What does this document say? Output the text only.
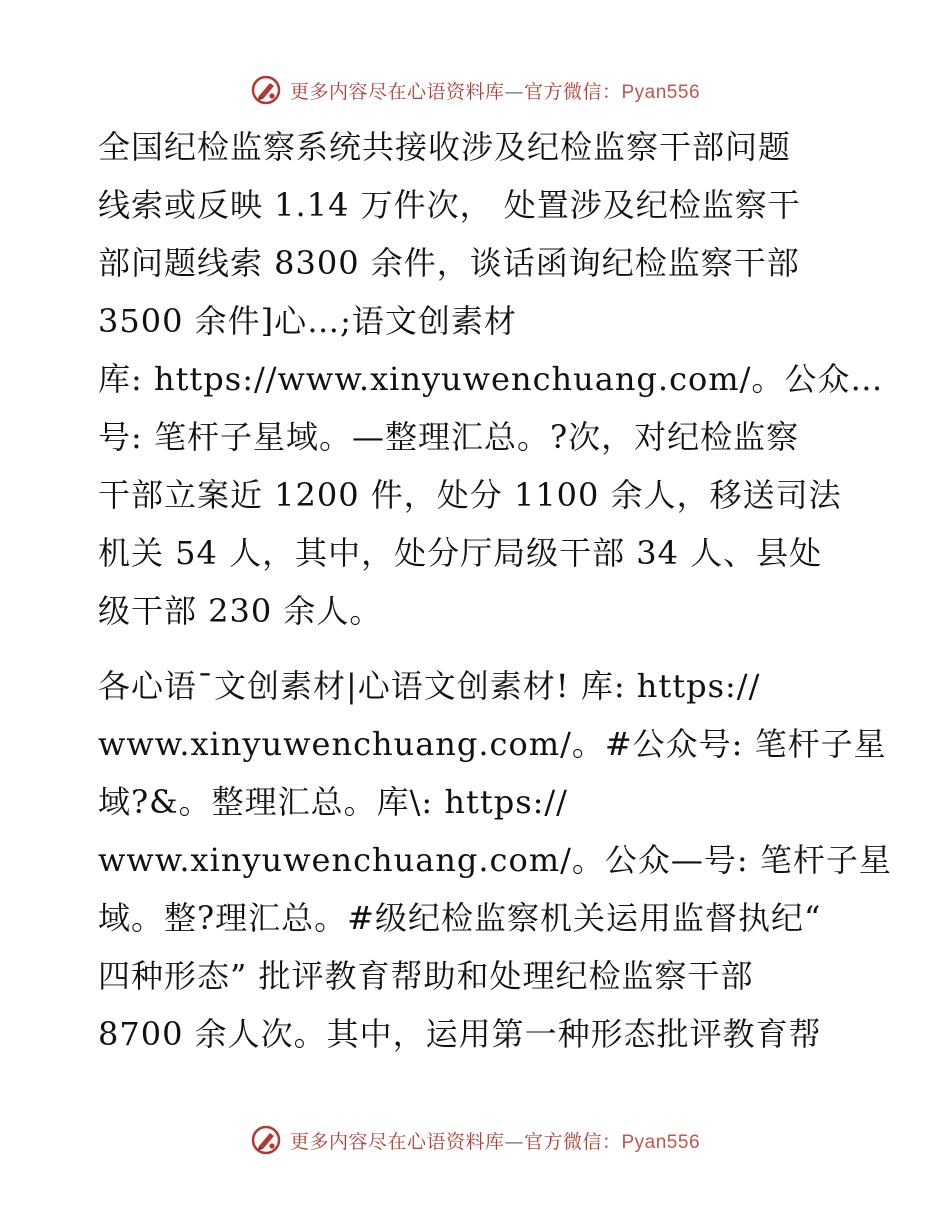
更多内容尽在心语资料库—官方微信：Pyan556

全国纪检监察系统共接收涉及纪检监察干部问题
线索或反映 1.14 万件次， 处置涉及纪检监察干
部问题线索 8300 余件，谈话函询纪检监察干部
3500 余件]心…;语文创素材
库: https://www.xinyuwenchuang.com/。公众…
号: 笔杆子星域。—整理汇总。?次，对纪检监察
干部立案近 1200 件，处分 1100 余人，移送司法
机关 54 人，其中，处分厅局级干部 34 人、县处
级干部 230 余人。

各心语¯文创素材|心语文创素材! 库: https://
www.xinyuwenchuang.com/。#公众号: 笔杆子星
域?&。整理汇总。库\: https://
www.xinyuwenchuang.com/。公众—号: 笔杆子星
域。整?理汇总。#级纪检监察机关运用监督执纪“
四种形态” 批评教育帮助和处理纪检监察干部
8700 余人次。其中，运用第一种形态批评教育帮

更多内容尽在心语资料库—官方微信：Pyan556
